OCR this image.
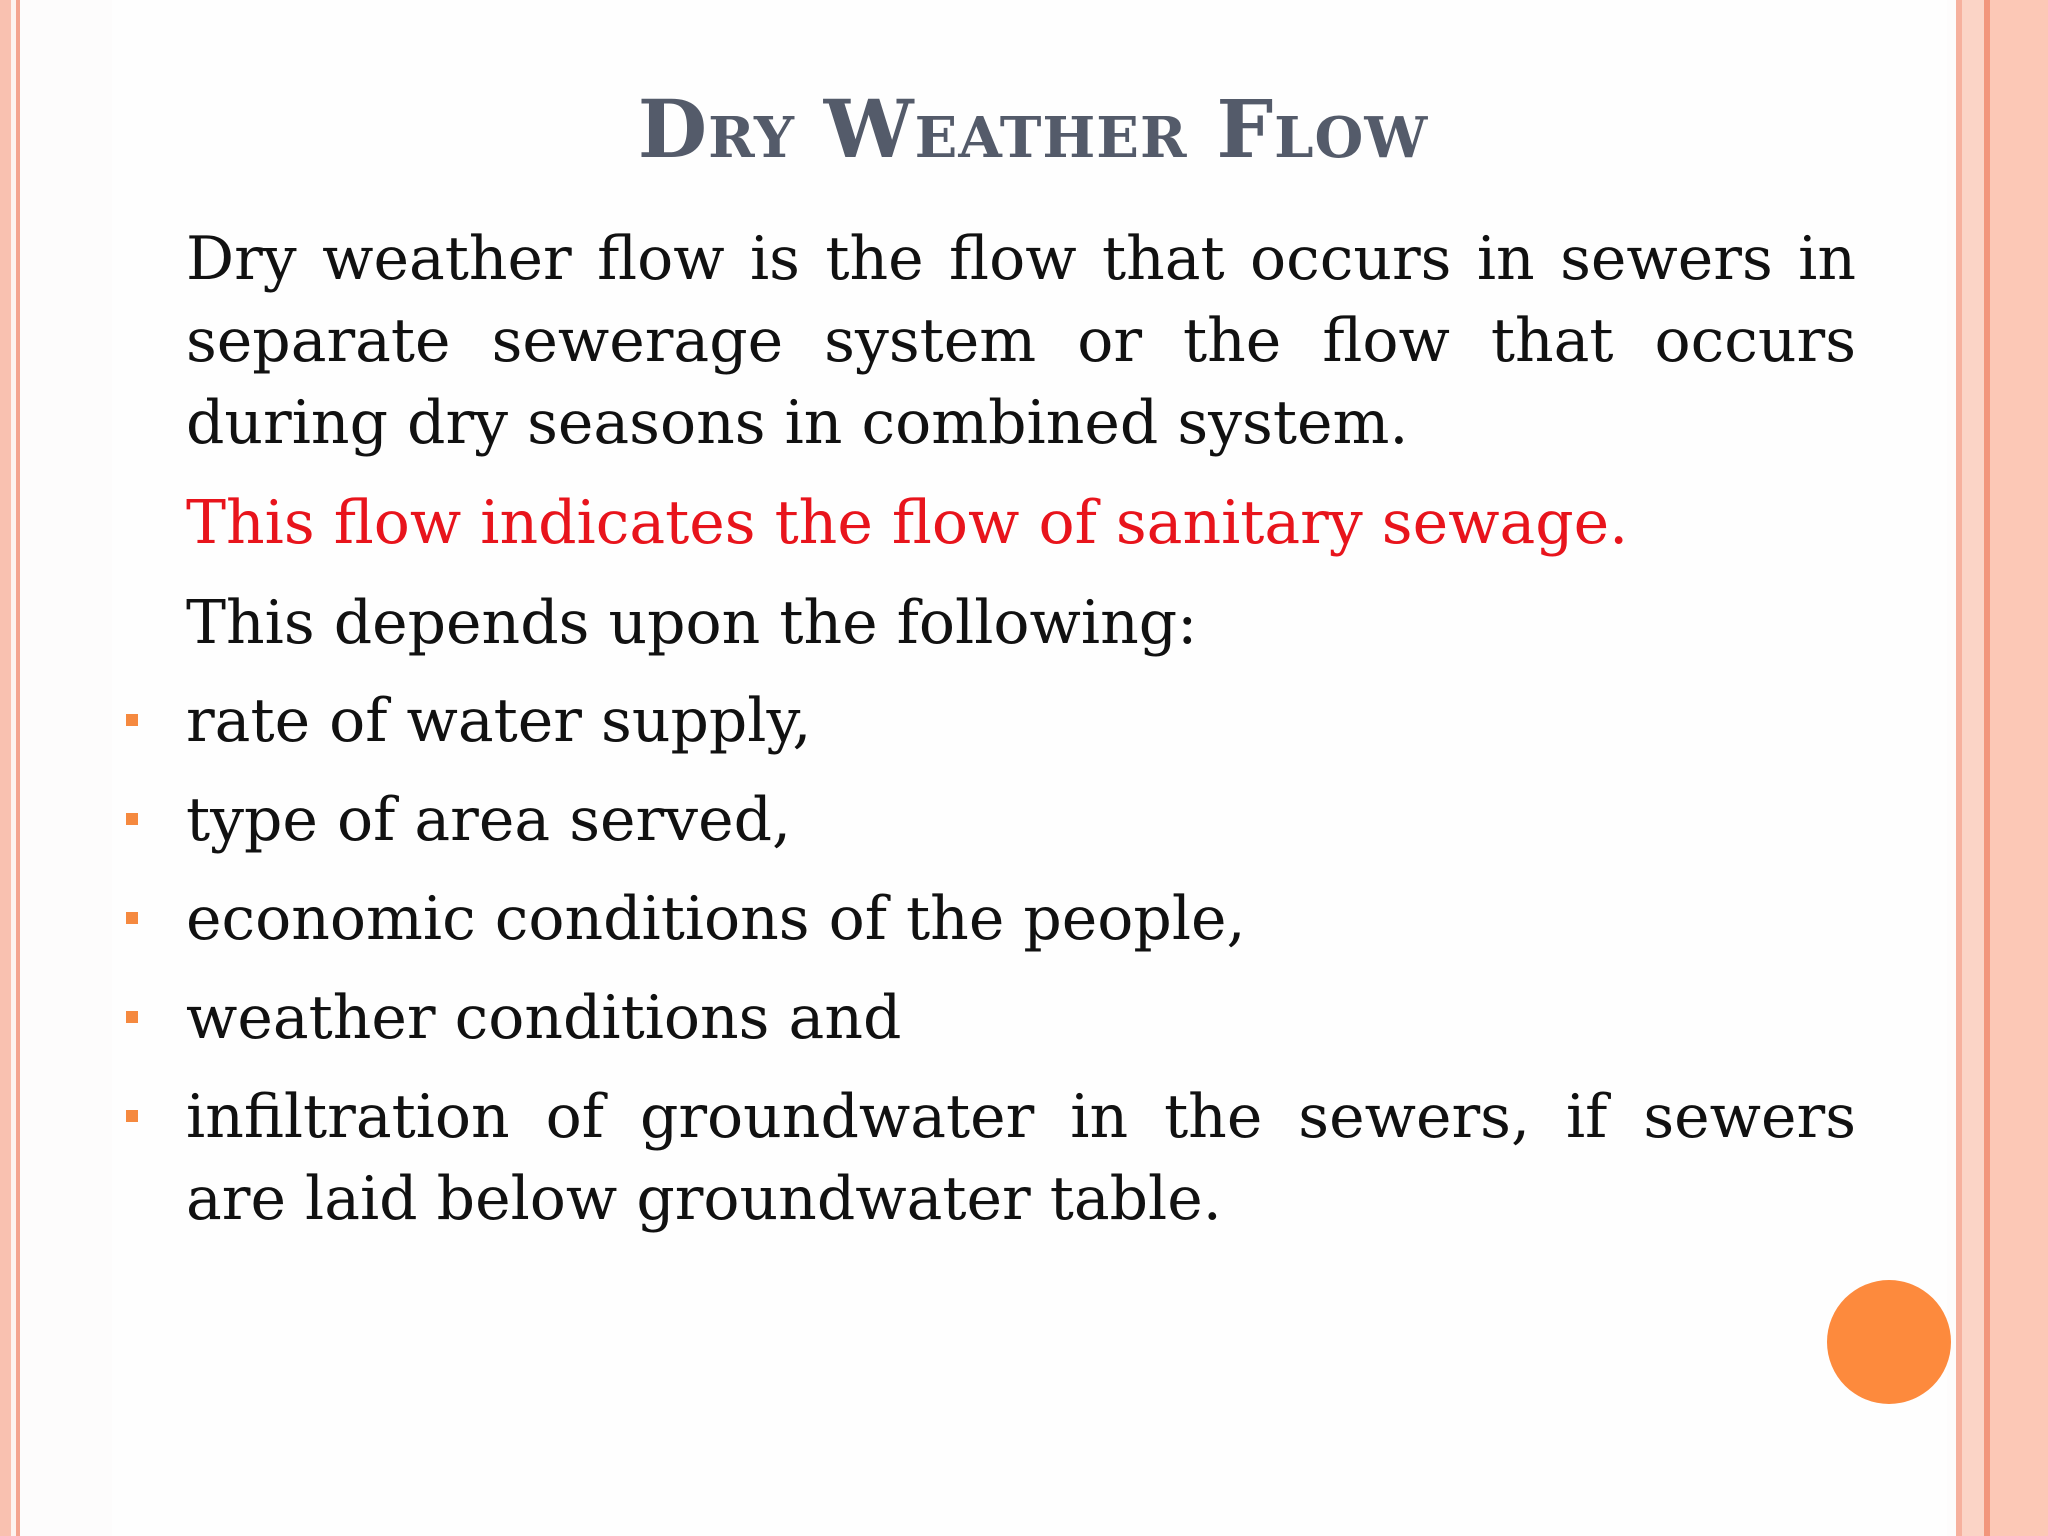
Dry Weather Flow
Dry weather flow is the flow that occurs in sewers in separate sewerage system or the flow that occurs during dry seasons in combined system.
This flow indicates the flow of sanitary sewage.
This depends upon the following:
rate of water supply,
type of area served,
economic conditions of the people,
weather conditions and
infiltration of groundwater in the sewers, if sewers are laid below groundwater table.
